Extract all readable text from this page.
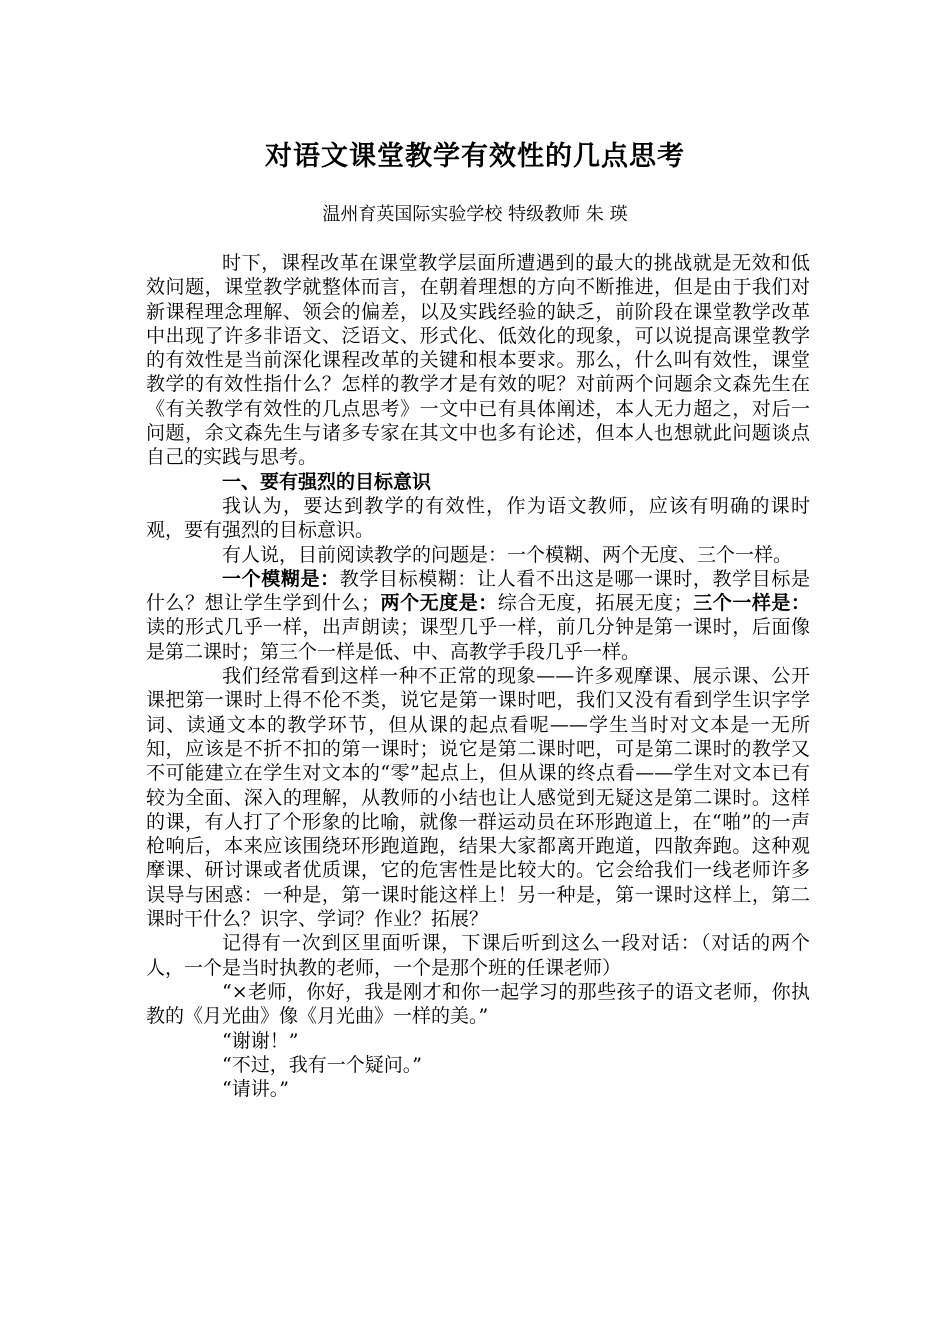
对语文课堂教学有效性的几点思考
温州育英国际实验学校 特级教师 朱 瑛

时下，课程改革在课堂教学层面所遭遇到的最大的挑战就是无效和低效问题，课堂教学就整体而言，在朝着理想的方向不断推进，但是由于我们对新课程理念理解、领会的偏差，以及实践经验的缺乏，前阶段在课堂教学改革中出现了许多非语文、泛语文、形式化、低效化的现象，可以说提高课堂教学的有效性是当前深化课程改革的关键和根本要求。那么，什么叫有效性，课堂教学的有效性指什么？怎样的教学才是有效的呢？对前两个问题余文森先生在《有关教学有效性的几点思考》一文中已有具体阐述，本人无力超之，对后一问题，余文森先生与诸多专家在其文中也多有论述，但本人也想就此问题谈点自己的实践与思考。

一、要有强烈的目标意识

我认为，要达到教学的有效性，作为语文教师，应该有明确的课时观，要有强烈的目标意识。

有人说，目前阅读教学的问题是：一个模糊、两个无度、三个一样。

一个模糊是：教学目标模糊：让人看不出这是哪一课时，教学目标是什么？想让学生学到什么；两个无度是：综合无度，拓展无度；三个一样是：读的形式几乎一样，出声朗读；课型几乎一样，前几分钟是第一课时，后面像是第二课时；第三个一样是低、中、高教学手段几乎一样。

我们经常看到这样一种不正常的现象——许多观摩课、展示课、公开课把第一课时上得不伦不类，说它是第一课时吧，我们又没有看到学生识字学词、读通文本的教学环节，但从课的起点看呢——学生当时对文本是一无所知，应该是不折不扣的第一课时；说它是第二课时吧，可是第二课时的教学又不可能建立在学生对文本的“零”起点上，但从课的终点看——学生对文本已有较为全面、深入的理解，从教师的小结也让人感觉到无疑这是第二课时。这样的课，有人打了个形象的比喻，就像一群运动员在环形跑道上，在“啪”的一声枪响后，本来应该围绕环形跑道跑，结果大家都离开跑道，四散奔跑。这种观摩课、研讨课或者优质课，它的危害性是比较大的。它会给我们一线老师许多误导与困惑：一种是，第一课时能这样上！另一种是，第一课时这样上，第二课时干什么？识字、学词？作业？拓展？

记得有一次到区里面听课，下课后听到这么一段对话：（对话的两个人，一个是当时执教的老师，一个是那个班的任课老师）

“×老师，你好，我是刚才和你一起学习的那些孩子的语文老师，你执教的《月光曲》像《月光曲》一样的美。”

“谢谢！”

“不过，我有一个疑问。”

“请讲。”
